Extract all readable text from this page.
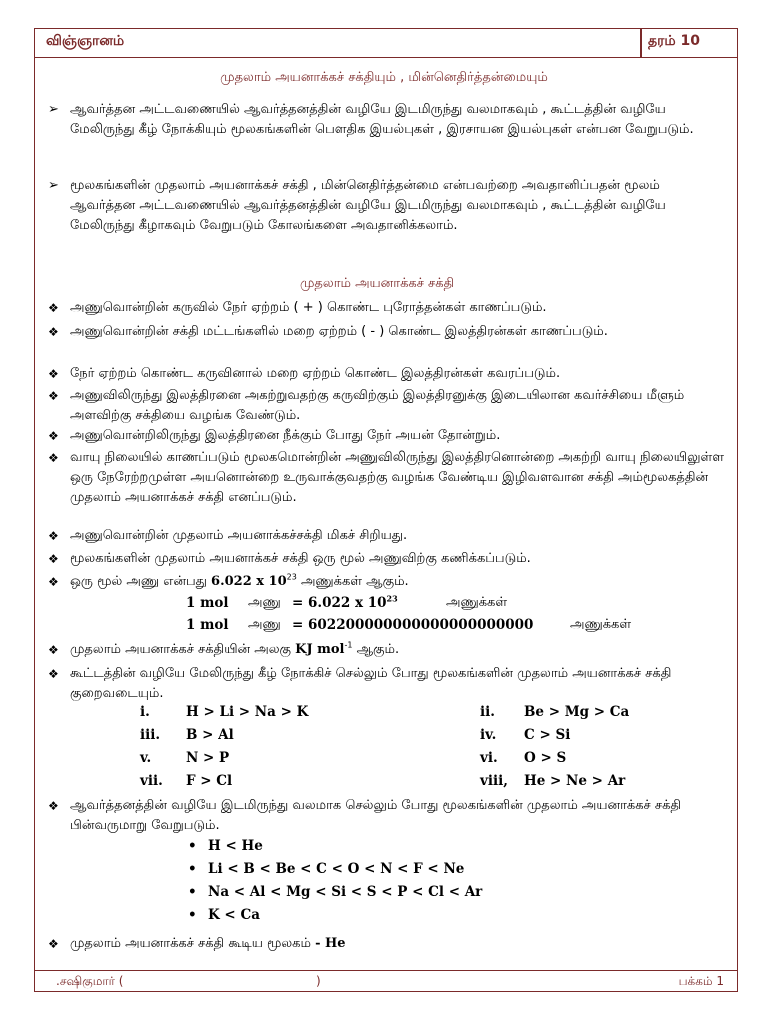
விஞ்ஞானம்	தரம் 10
முதலாம் அயனாக்கச் சக்தியும் , மின்னெதிர்த்தன்மையும்
➢ ஆவர்த்தன அட்டவணையில் ஆவர்த்தனத்தின் வழியே இடமிருந்து வலமாகவும் , கூட்டத்தின் வழியே மேலிருந்து கீழ் நோக்கியும் மூலகங்களின் பௌதிக இயல்புகள் , இரசாயன இயல்புகள் என்பன வேறுபடும்.
➢ மூலகங்களின் முதலாம் அயனாக்கச் சக்தி , மின்னெதிர்த்தன்மை என்பவற்றை அவதானிப்பதன் மூலம் ஆவர்த்தன அட்டவணையில் ஆவர்த்தனத்தின் வழியே இடமிருந்து வலமாகவும் , கூட்டத்தின் வழியே மேலிருந்து கீழாகவும் வேறுபடும் கோலங்களை அவதானிக்கலாம்.
முதலாம் அயனாக்கச் சக்தி
❖ அணுவொன்றின் கருவில் நேர் ஏற்றம் ( + ) கொண்ட புரோத்தன்கள் காணப்படும்.
❖ அணுவொன்றின் சக்தி மட்டங்களில் மறை ஏற்றம் ( - ) கொண்ட இலத்திரன்கள் காணப்படும்.
❖ நேர் ஏற்றம் கொண்ட கருவினால் மறை ஏற்றம் கொண்ட இலத்திரன்கள் கவரப்படும்.
❖ அணுவிலிருந்து இலத்திரனை அகற்றுவதற்கு கருவிற்கும் இலத்திரனுக்கு இடையிலான கவர்ச்சியை மீளும் அளவிற்கு சக்தியை வழங்க வேண்டும்.
❖ அணுவொன்றிலிருந்து இலத்திரனை நீக்கும் போது நேர் அயன் தோன்றும்.
❖ வாயு நிலையில் காணப்படும் மூலகமொன்றின் அணுவிலிருந்து இலத்திரனொன்றை அகற்றி வாயு நிலையிலுள்ள ஒரு நேரேற்றமுள்ள அயனொன்றை உருவாக்குவதற்கு வழங்க வேண்டிய இழிவளவான சக்தி அம்மூலகத்தின் முதலாம் அயனாக்கச் சக்தி எனப்படும்.
❖ அணுவொன்றின் முதலாம் அயனாக்கச்சக்தி மிகச் சிறியது.
❖ மூலகங்களின் முதலாம் அயனாக்கச் சக்தி ஒரு மூல் அணுவிற்கு கணிக்கப்படும்.
❖ ஒரு மூல் அணு என்பது 6.022 x $10^{23}$ அணுக்கள் ஆகும்.
1 mol அணு = 6.022 x $10^{23}$	அணுக்கள்
1 mol அணு = 602200000000000000000000	அணுக்கள்
❖ முதலாம் அயனாக்கச் சக்தியின் அலகு KJ mol$^{-1}$ ஆகும்.
❖ கூட்டத்தின் வழியே மேலிருந்து கீழ் நோக்கிச் செல்லும் போது மூலகங்களின் முதலாம் அயனாக்கச் சக்தி குறைவடையும்.
i.	H > Li > Na > K	ii. Be > Mg > Ca
iii. B > Al	iv. C > Si
v.	N > P	vi. O > S
vii. F > Cl	viii, He > Ne > Ar
❖ ஆவர்த்தனத்தின் வழியே இடமிருந்து வலமாக செல்லும் போது மூலகங்களின் முதலாம் அயனாக்கச் சக்தி பின்வருமாறு வேறுபடும்.
• H < He
• Li < B < Be < C < O < N < F < Ne
• Na < Al < Mg < Si < S < P < Cl < Ar
• K < Ca
❖ முதலாம் அயனாக்கச் சக்தி கூடிய மூலகம் - He
.சஷிகுமார் (	)	பக்கம் 1
